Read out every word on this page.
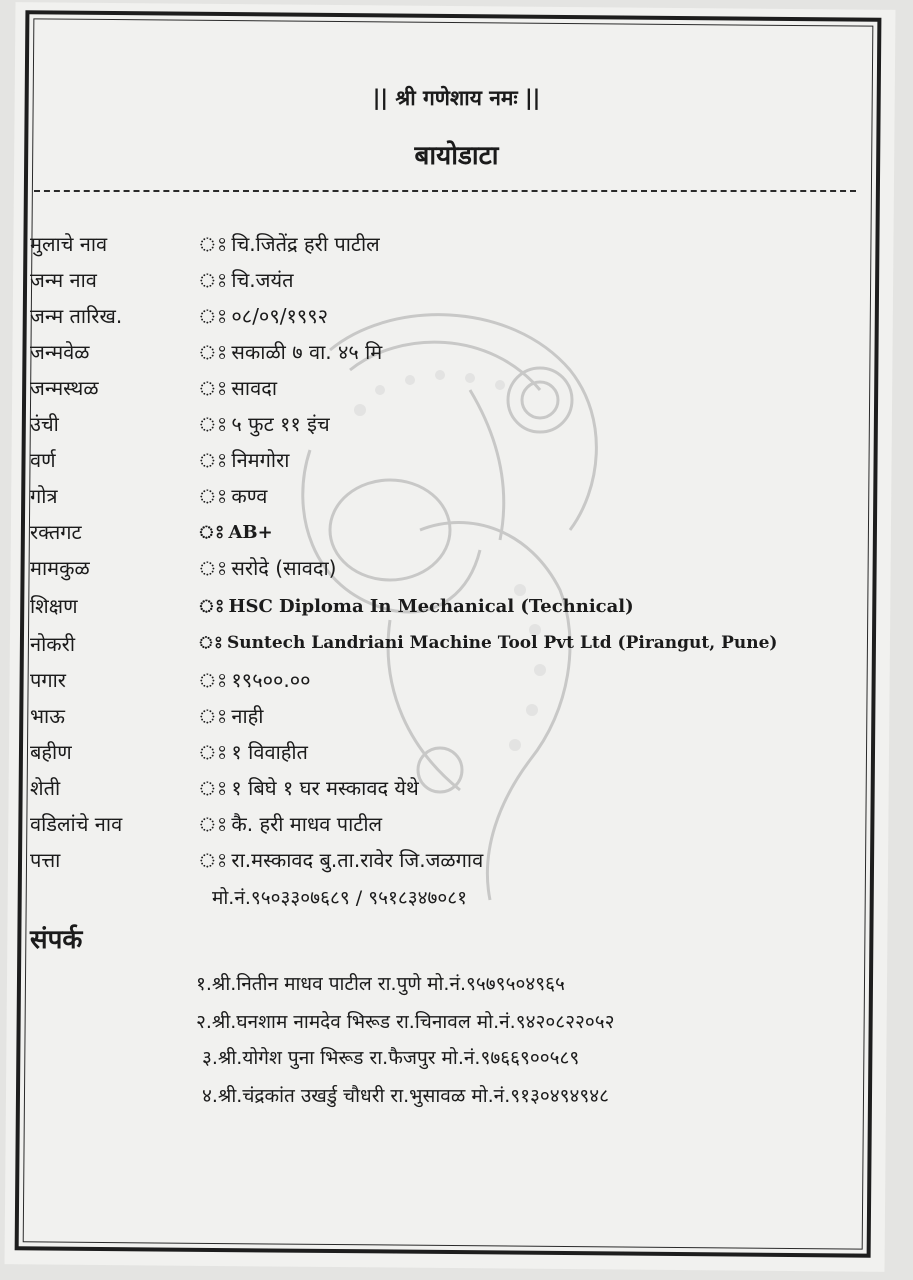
|| श्री गणेशाय नमः ||
बायोडाटा
मुलाचे नाव	ঃ चि.जितेंद्र हरी पाटील
जन्म नाव	ঃ चि.जयंत
जन्म तारिख.	ঃ ०८/०९/१९९२
जन्मवेळ	ঃ सकाळी ७ वा. ४५ मि
जन्मस्थळ	ঃ सावदा
उंची	ঃ ५ फुट ११ इंच
वर्ण	ঃ निमगोरा
गोत्र	ঃ कण्व
रक्तगट	ঃ AB+
मामकुळ	ঃ सरोदे (सावदा)
शिक्षण	ঃ HSC Diploma In Mechanical (Technical)
नोकरी	ঃ Suntech Landriani Machine Tool Pvt Ltd (Pirangut, Pune)
पगार	ঃ १९५००.००
भाऊ	ঃ नाही
बहीण	ঃ १ विवाहीत
शेती	ঃ १ बिघे १ घर मस्कावद येथे
वडिलांचे नाव	ঃ कै. हरी माधव पाटील
पत्ता	ঃ रा.मस्कावद बु.ता.रावेर जि.जळगाव
मो.नं.९५०३३०७६८९ / ९५१८३४७०८१
संपर्क
१.श्री.नितीन माधव पाटील रा.पुणे मो.नं.९५७९५०४९६५
२.श्री.घनशाम नामदेव भिरूड रा.चिनावल मो.नं.९४२०८२२०५२
३.श्री.योगेश पुना भिरूड रा.फैजपुर मो.नं.९७६६९००५८९
४.श्री.चंद्रकांत उखर्डु चौधरी रा.भुसावळ मो.नं.९१३०४९४९४८
